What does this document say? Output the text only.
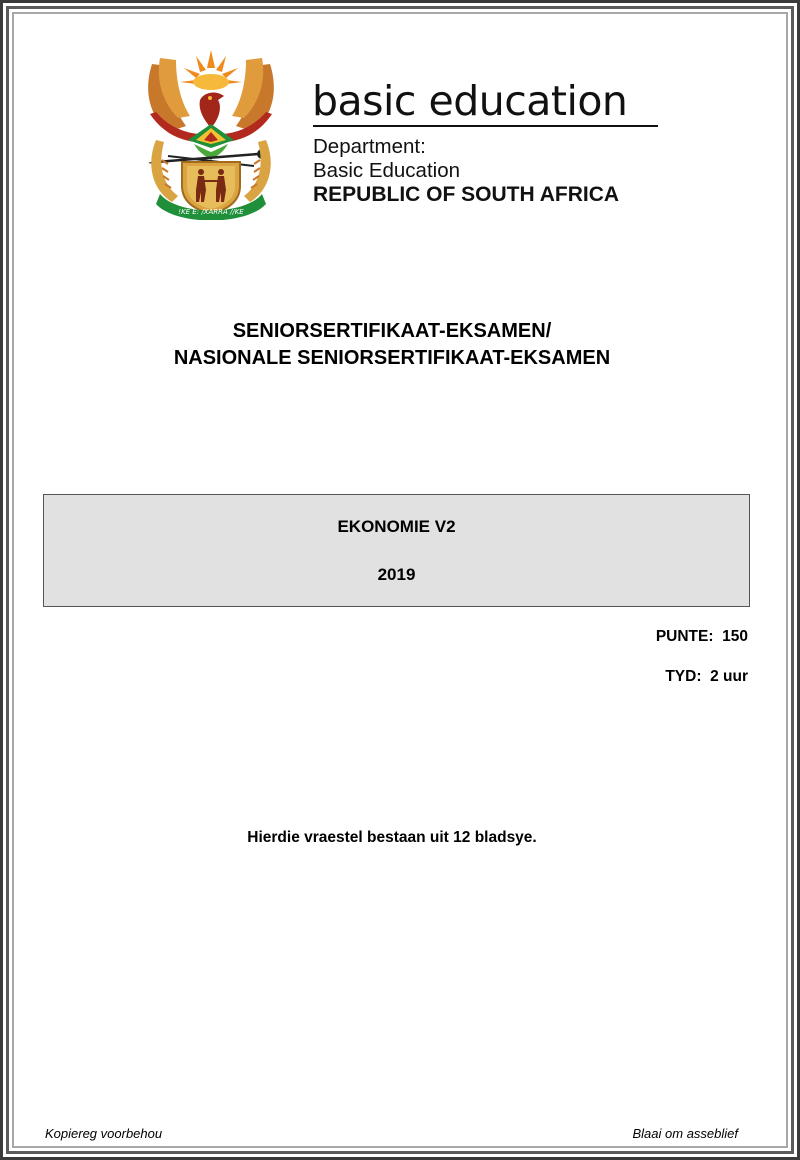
!KE E: /XARRA //KE
basic education
Department:
Basic Education
REPUBLIC OF SOUTH AFRICA
SENIORSERTIFIKAAT-EKSAMEN/
NASIONALE SENIORSERTIFIKAAT-EKSAMEN
EKONOMIE V2
2019
PUNTE:  150
TYD:  2 uur
Hierdie vraestel bestaan uit 12 bladsye.
Kopiereg voorbehou	Blaai om asseblief
